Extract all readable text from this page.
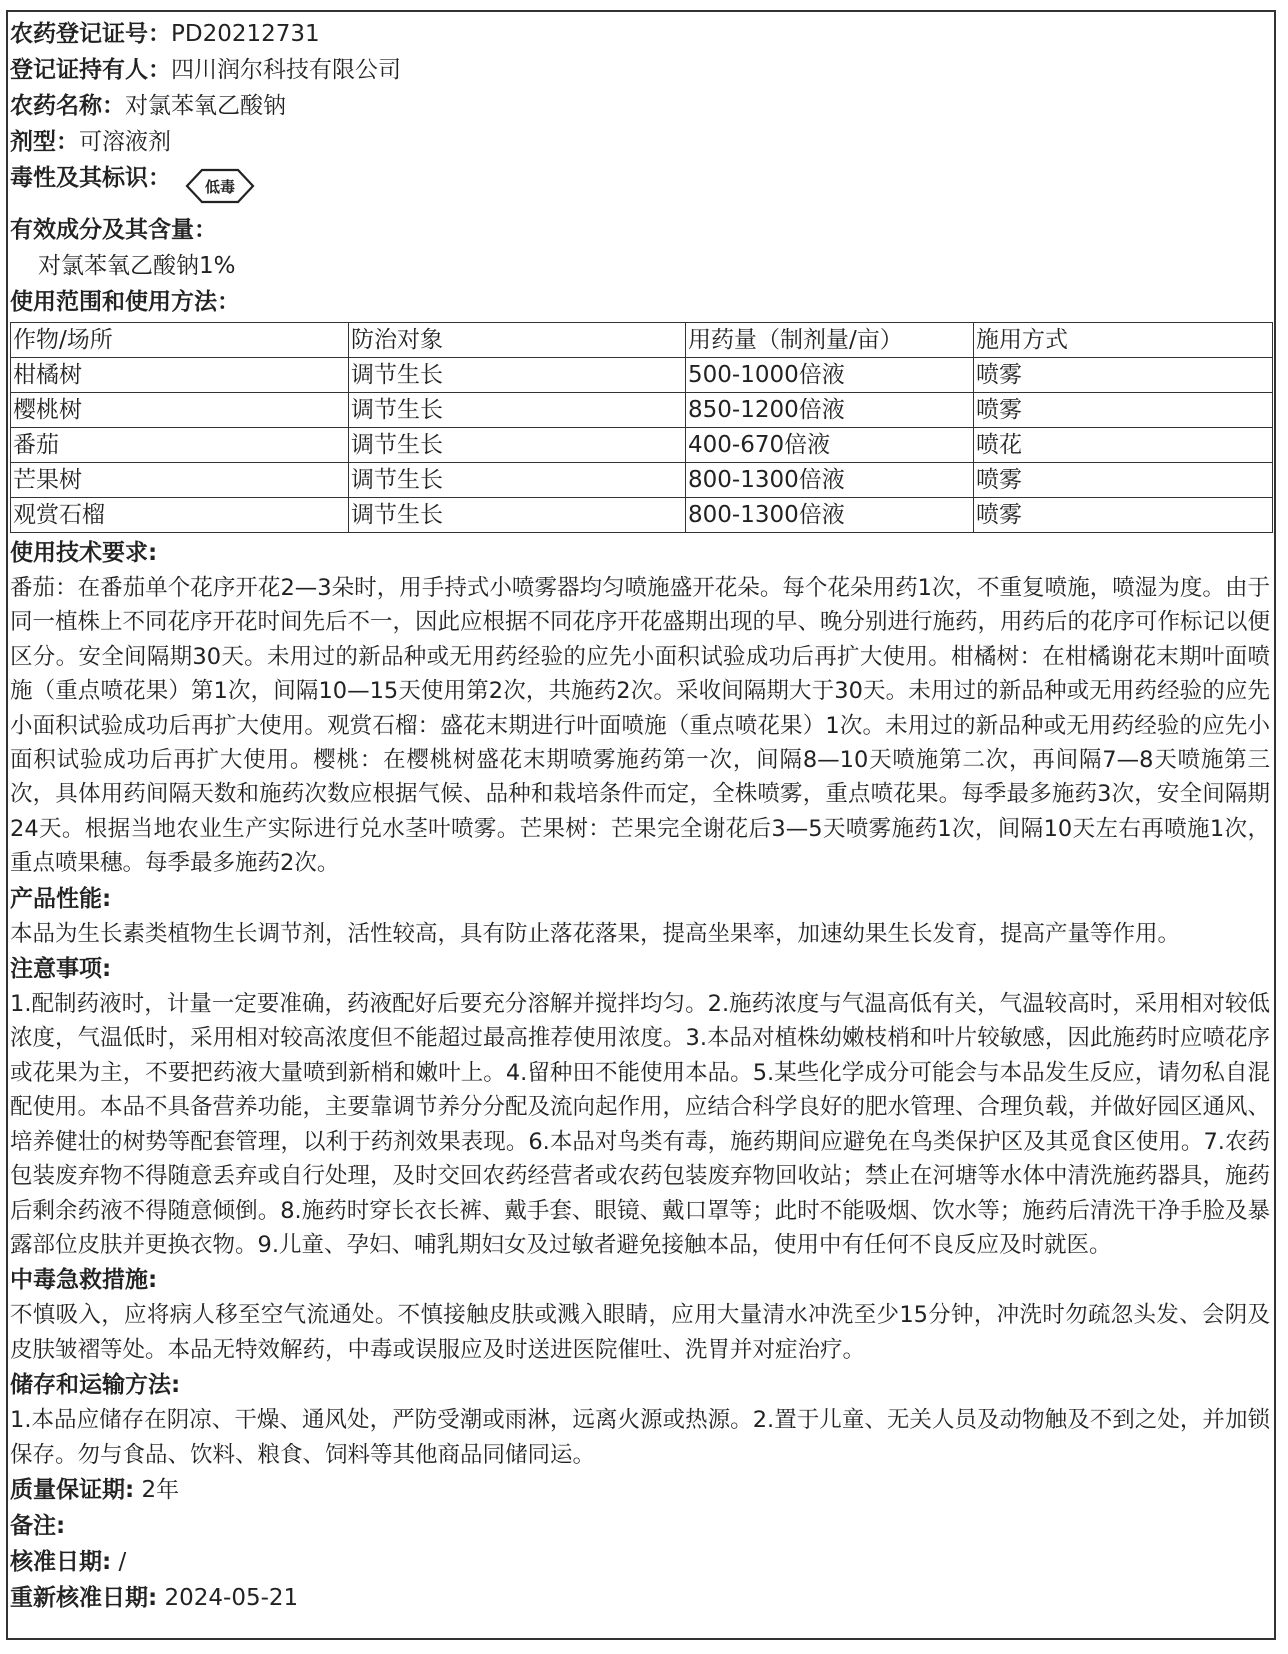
农药登记证号：PD20212731
登记证持有人：四川润尔科技有限公司
农药名称：对氯苯氧乙酸钠
剂型：可溶液剂
毒性及其标识： 低毒
有效成分及其含量：
对氯苯氧乙酸钠1%
使用范围和使用方法：
作物/场所	防治对象	用药量（制剂量/亩）	施用方式
柑橘树	调节生长	500-1000倍液	喷雾
樱桃树	调节生长	850-1200倍液	喷雾
番茄	调节生长	400-670倍液	喷花
芒果树	调节生长	800-1300倍液	喷雾
观赏石榴	调节生长	800-1300倍液	喷雾
使用技术要求:
番茄：在番茄单个花序开花2—3朵时，用手持式小喷雾器均匀喷施盛开花朵。每个花朵用药1次，不重复喷施，喷湿为度。由于同一植株上不同花序开花时间先后不一，因此应根据不同花序开花盛期出现的早、晚分别进行施药，用药后的花序可作标记以便区分。安全间隔期30天。未用过的新品种或无用药经验的应先小面积试验成功后再扩大使用。柑橘树：在柑橘谢花末期叶面喷施（重点喷花果）第1次，间隔10—15天使用第2次，共施药2次。采收间隔期大于30天。未用过的新品种或无用药经验的应先小面积试验成功后再扩大使用。观赏石榴：盛花末期进行叶面喷施（重点喷花果）1次。未用过的新品种或无用药经验的应先小面积试验成功后再扩大使用。樱桃：在樱桃树盛花末期喷雾施药第一次，间隔8—10天喷施第二次，再间隔7—8天喷施第三次，具体用药间隔天数和施药次数应根据气候、品种和栽培条件而定，全株喷雾，重点喷花果。每季最多施药3次，安全间隔期24天。根据当地农业生产实际进行兑水茎叶喷雾。芒果树：芒果完全谢花后3—5天喷雾施药1次，间隔10天左右再喷施1次，重点喷果穗。每季最多施药2次。
产品性能:
本品为生长素类植物生长调节剂，活性较高，具有防止落花落果，提高坐果率，加速幼果生长发育，提高产量等作用。
注意事项:
1.配制药液时，计量一定要准确，药液配好后要充分溶解并搅拌均匀。2.施药浓度与气温高低有关，气温较高时，采用相对较低浓度，气温低时，采用相对较高浓度但不能超过最高推荐使用浓度。3.本品对植株幼嫩枝梢和叶片较敏感，因此施药时应喷花序或花果为主，不要把药液大量喷到新梢和嫩叶上。4.留种田不能使用本品。5.某些化学成分可能会与本品发生反应，请勿私自混配使用。本品不具备营养功能，主要靠调节养分分配及流向起作用，应结合科学良好的肥水管理、合理负载，并做好园区通风、培养健壮的树势等配套管理，以利于药剂效果表现。6.本品对鸟类有毒，施药期间应避免在鸟类保护区及其觅食区使用。7.农药包装废弃物不得随意丢弃或自行处理，及时交回农药经营者或农药包装废弃物回收站；禁止在河塘等水体中清洗施药器具，施药后剩余药液不得随意倾倒。8.施药时穿长衣长裤、戴手套、眼镜、戴口罩等；此时不能吸烟、饮水等；施药后清洗干净手脸及暴露部位皮肤并更换衣物。9.儿童、孕妇、哺乳期妇女及过敏者避免接触本品，使用中有任何不良反应及时就医。
中毒急救措施:
不慎吸入，应将病人移至空气流通处。不慎接触皮肤或溅入眼睛，应用大量清水冲洗至少15分钟，冲洗时勿疏忽头发、会阴及皮肤皱褶等处。本品无特效解药，中毒或误服应及时送进医院催吐、洗胃并对症治疗。
储存和运输方法:
1.本品应储存在阴凉、干燥、通风处，严防受潮或雨淋，远离火源或热源。2.置于儿童、无关人员及动物触及不到之处，并加锁保存。勿与食品、饮料、粮食、饲料等其他商品同储同运。
质量保证期: 2年
备注:
核准日期: /
重新核准日期: 2024-05-21
